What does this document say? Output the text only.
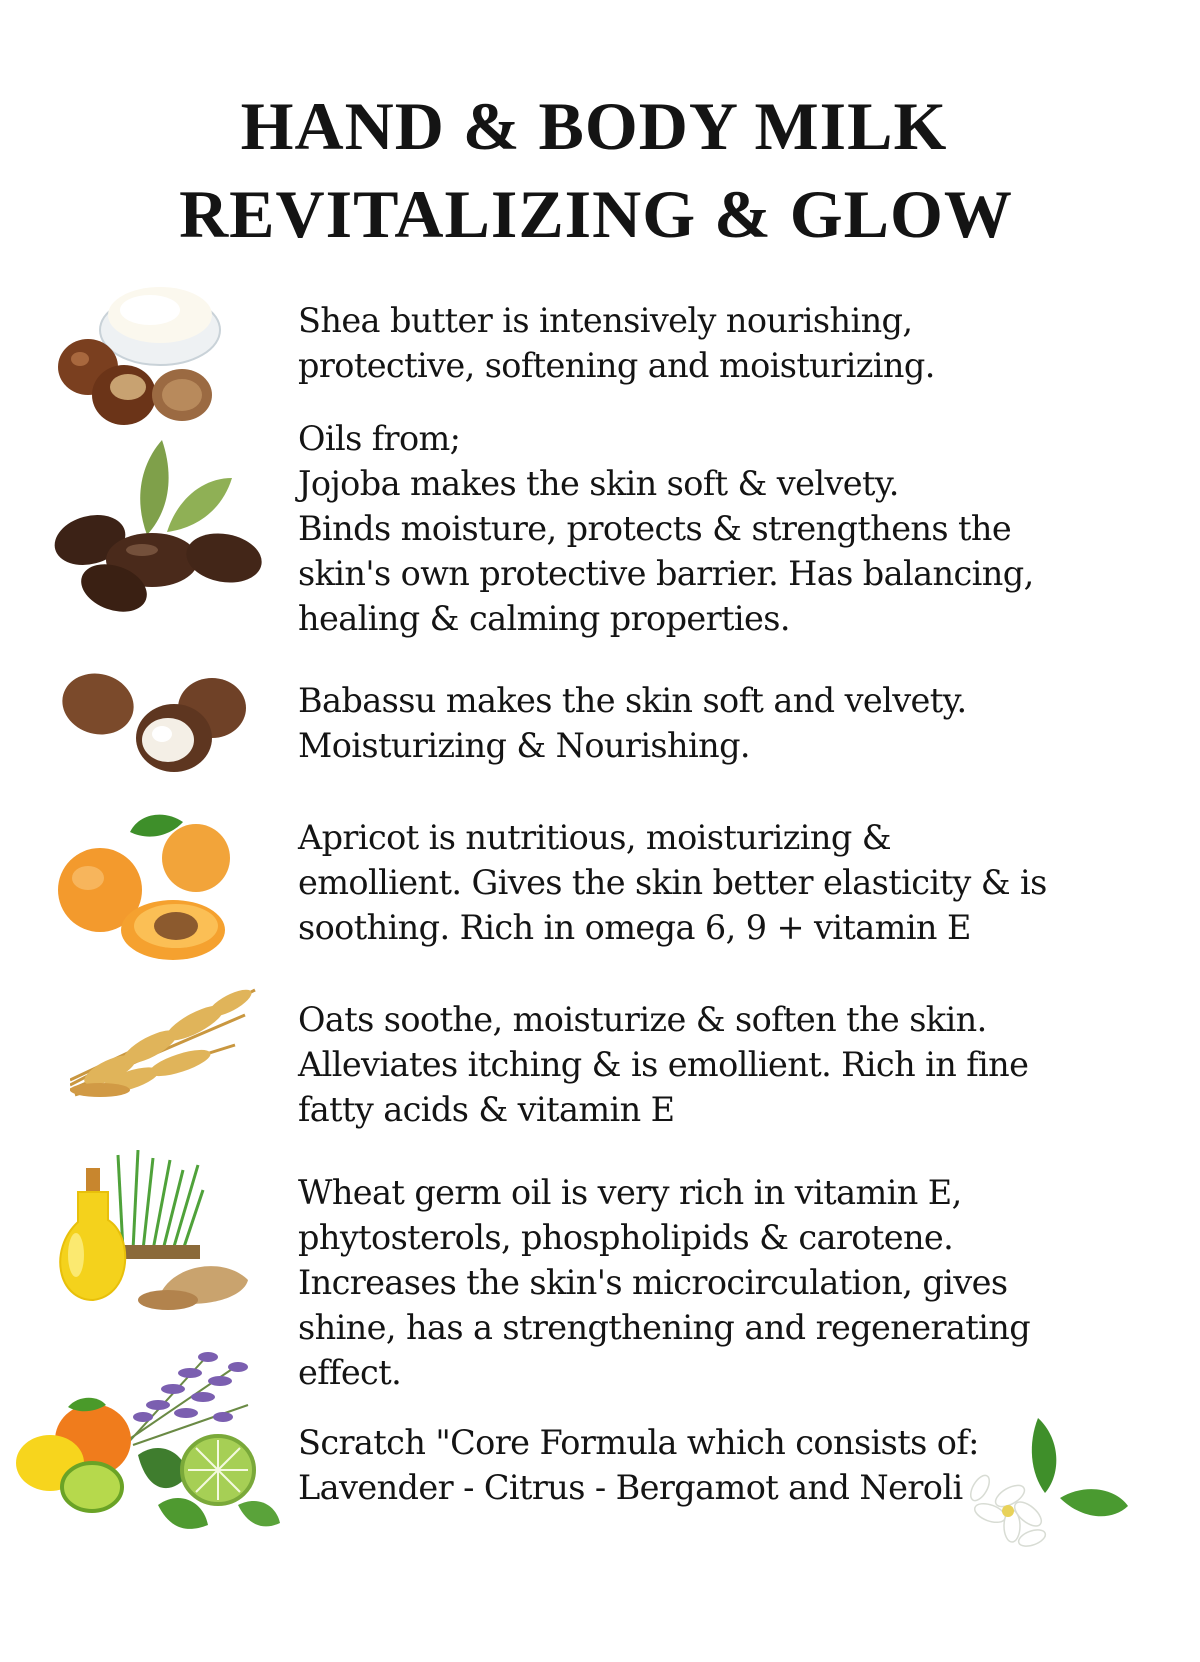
HAND & BODY MILK
REVITALIZING & GLOW

Shea butter is intensively nourishing,
protective, softening and moisturizing.

Oils from;
Jojoba makes the skin soft & velvety.
Binds moisture, protects & strengthens the
skin's own protective barrier. Has balancing,
healing & calming properties.

Babassu makes the skin soft and velvety.
Moisturizing & Nourishing.

Apricot is nutritious, moisturizing &
emollient. Gives the skin better elasticity & is
soothing. Rich in omega 6, 9 + vitamin E

Oats soothe, moisturize & soften the skin.
Alleviates itching & is emollient. Rich in fine
fatty acids & vitamin E

Wheat germ oil is very rich in vitamin E,
phytosterols, phospholipids & carotene.
Increases the skin's microcirculation, gives
shine, has a strengthening and regenerating
effect.

Scratch "Core Formula which consists of:
Lavender - Citrus - Bergamot and Neroli
